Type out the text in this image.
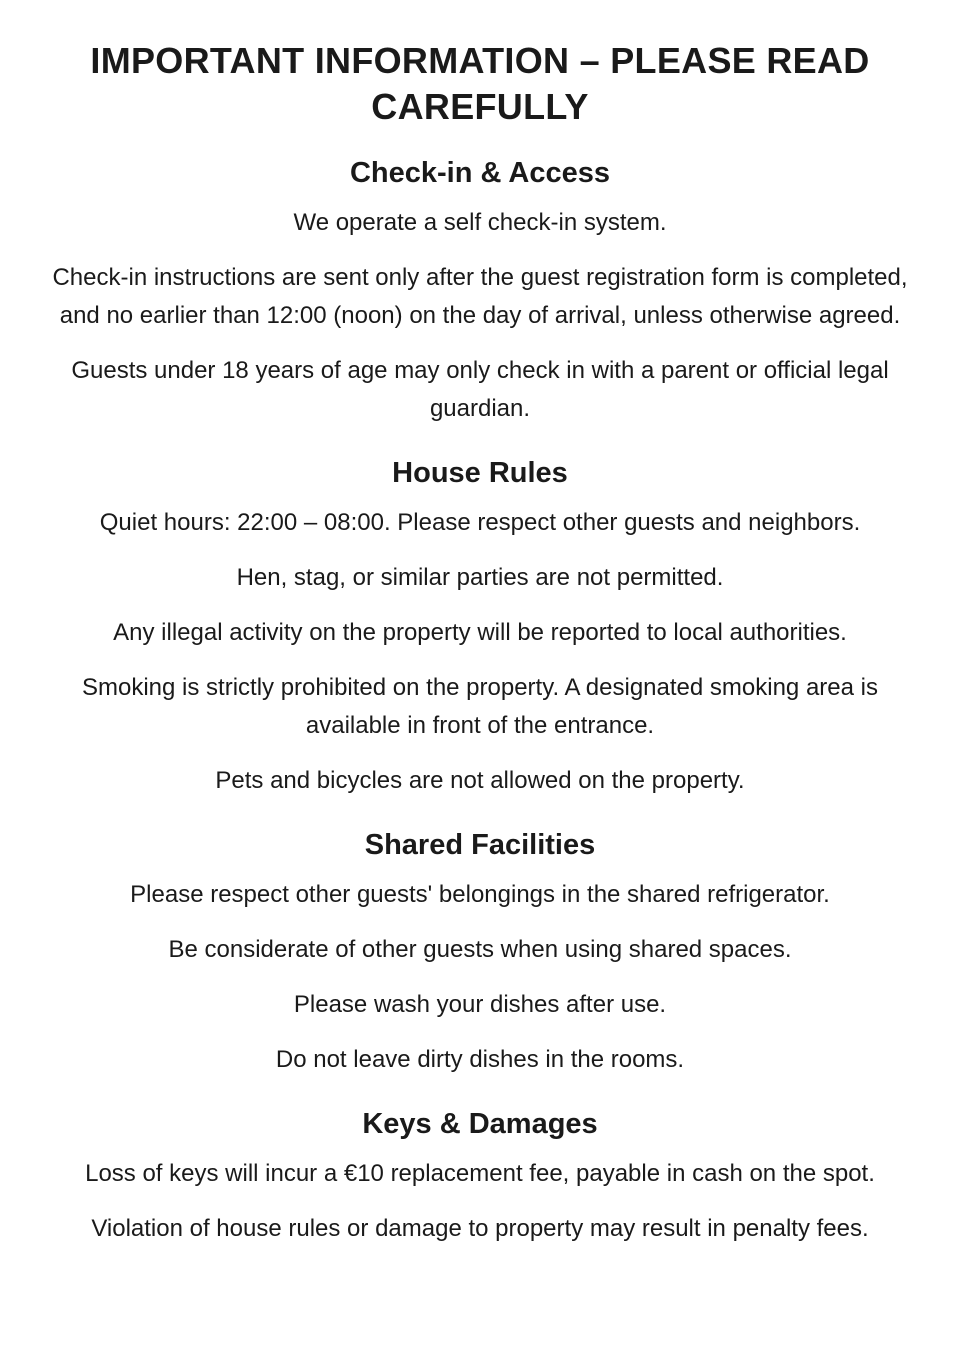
IMPORTANT INFORMATION – PLEASE READ CAREFULLY
Check-in & Access

We operate a self check-in system.

Check-in instructions are sent only after the guest registration form is completed, and no earlier than 12:00 (noon) on the day of arrival, unless otherwise agreed.

Guests under 18 years of age may only check in with a parent or official legal guardian.

House Rules

Quiet hours: 22:00 – 08:00. Please respect other guests and neighbors.

Hen, stag, or similar parties are not permitted.

Any illegal activity on the property will be reported to local authorities.

Smoking is strictly prohibited on the property. A designated smoking area is available in front of the entrance.

Pets and bicycles are not allowed on the property.

Shared Facilities

Please respect other guests' belongings in the shared refrigerator.

Be considerate of other guests when using shared spaces.

Please wash your dishes after use.

Do not leave dirty dishes in the rooms.

Keys & Damages

Loss of keys will incur a €10 replacement fee, payable in cash on the spot.

Violation of house rules or damage to property may result in penalty fees.
